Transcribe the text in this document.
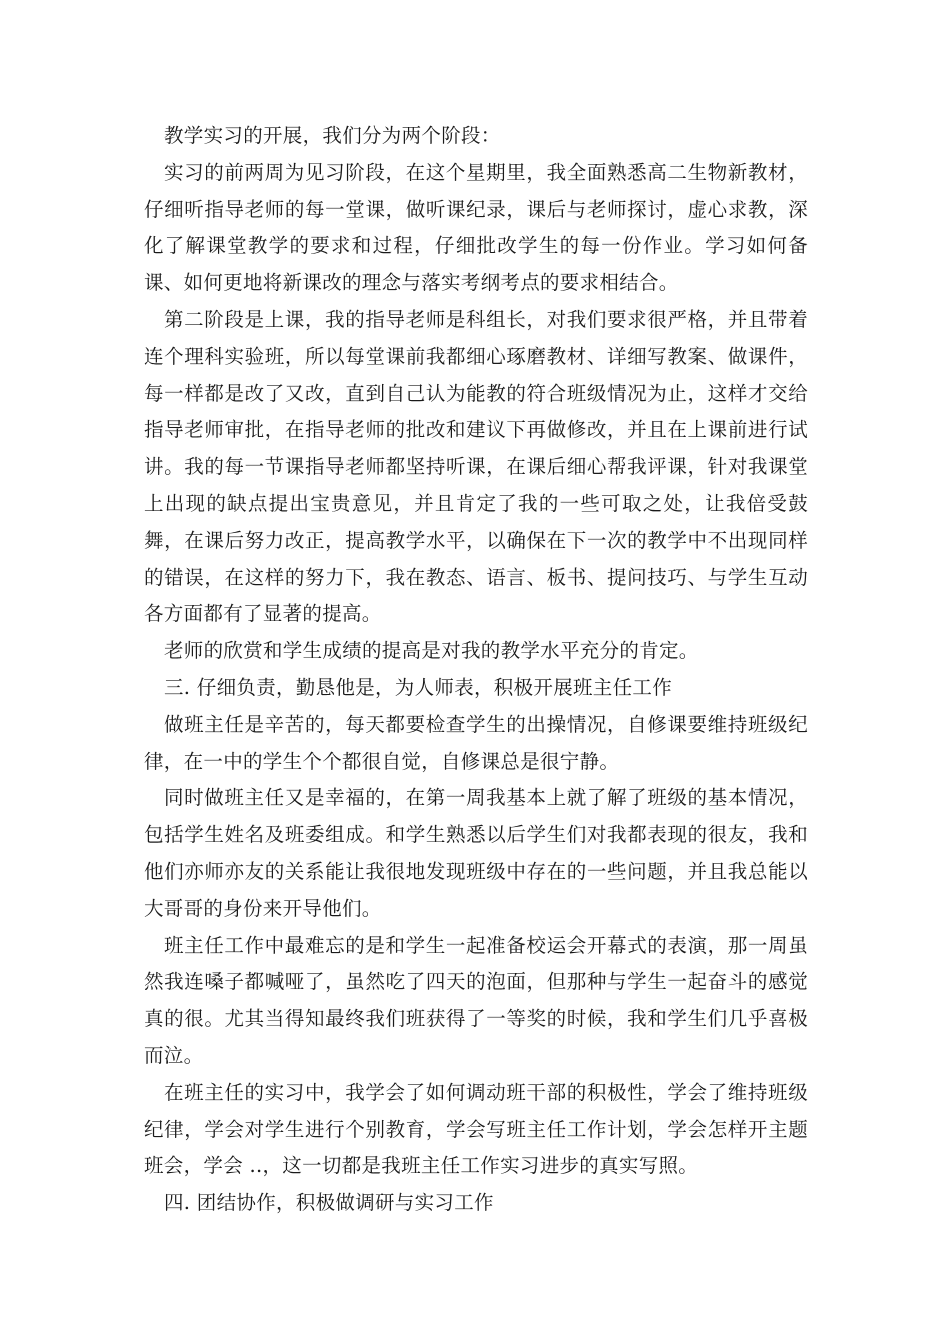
教学实习的开展，我们分为两个阶段：

实习的前两周为见习阶段，在这个星期里，我全面熟悉高二生物新教材，仔细听指导老师的每一堂课，做听课纪录，课后与老师探讨，虚心求教，深化了解课堂教学的要求和过程，仔细批改学生的每一份作业。学习如何备课、如何更地将新课改的理念与落实考纲考点的要求相结合。

第二阶段是上课，我的指导老师是科组长，对我们要求很严格，并且带着连个理科实验班，所以每堂课前我都细心琢磨教材、详细写教案、做课件，每一样都是改了又改，直到自己认为能教的符合班级情况为止，这样才交给指导老师审批，在指导老师的批改和建议下再做修改，并且在上课前进行试讲。我的每一节课指导老师都坚持听课，在课后细心帮我评课，针对我课堂上出现的缺点提出宝贵意见，并且肯定了我的一些可取之处，让我倍受鼓舞，在课后努力改正，提高教学水平，以确保在下一次的教学中不出现同样的错误，在这样的努力下，我在教态、语言、板书、提问技巧、与学生互动各方面都有了显著的提高。

老师的欣赏和学生成绩的提高是对我的教学水平充分的肯定。

三. 仔细负责，勤恳他是，为人师表，积极开展班主任工作

做班主任是辛苦的，每天都要检查学生的出操情况，自修课要维持班级纪律，在一中的学生个个都很自觉，自修课总是很宁静。

同时做班主任又是幸福的，在第一周我基本上就了解了班级的基本情况，包括学生姓名及班委组成。和学生熟悉以后学生们对我都表现的很友，我和他们亦师亦友的关系能让我很地发现班级中存在的一些问题，并且我总能以大哥哥的身份来开导他们。

班主任工作中最难忘的是和学生一起准备校运会开幕式的表演，那一周虽然我连嗓子都喊哑了，虽然吃了四天的泡面，但那种与学生一起奋斗的感觉真的很。尤其当得知最终我们班获得了一等奖的时候，我和学生们几乎喜极而泣。

在班主任的实习中，我学会了如何调动班干部的积极性，学会了维持班级纪律，学会对学生进行个别教育，学会写班主任工作计划，学会怎样开主题班会，学会 ..，这一切都是我班主任工作实习进步的真实写照。

四. 团结协作，积极做调研与实习工作
